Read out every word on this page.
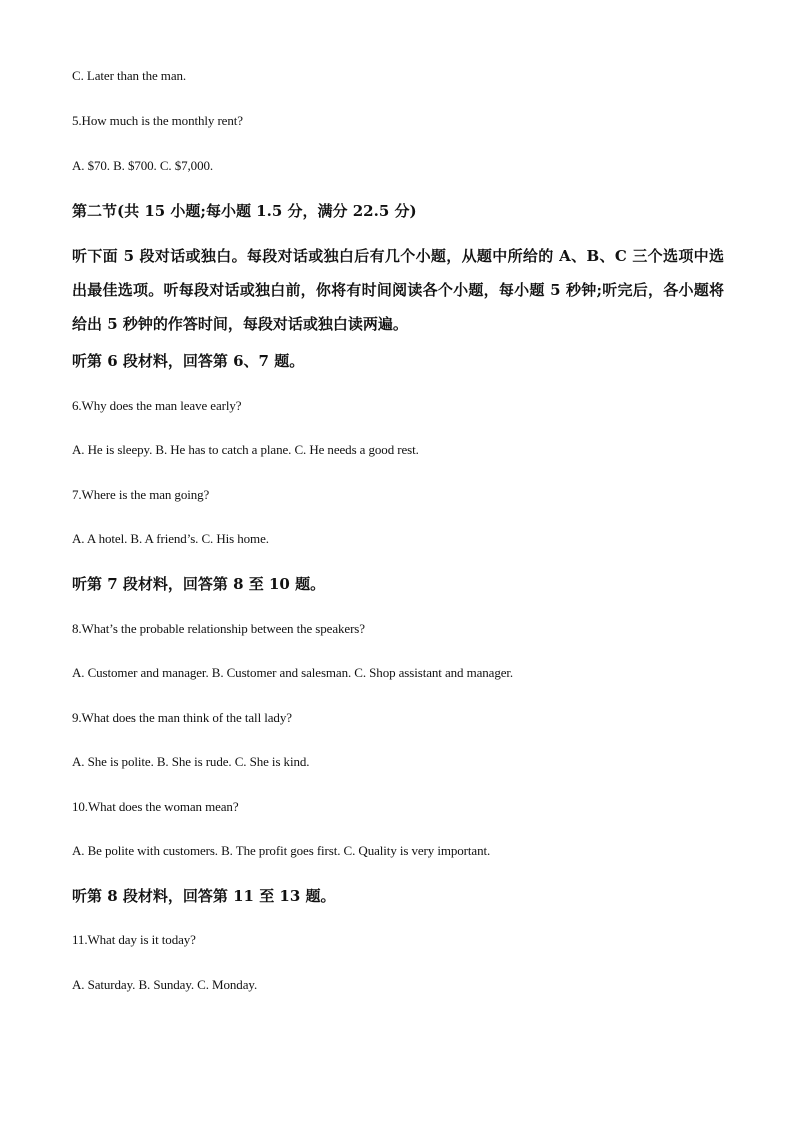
C. Later than the man.
5.How much is the monthly rent?
A. $70. B. $700. C. $7,000.
第二节(共 15 小题;每小题 1.5 分，满分 22.5 分)
听下面 5 段对话或独白。每段对话或独白后有几个小题，从题中所给的 A、B、C 三个选项中选出最佳选项。听每段对话或独白前，你将有时间阅读各个小题，每小题 5 秒钟;听完后，各小题将给出 5 秒钟的作答时间，每段对话或独白读两遍。
听第 6 段材料，回答第 6、7 题。
6.Why does the man leave early?
A. He is sleepy. B. He has to catch a plane. C. He needs a good rest.
7.Where is the man going?
A. A hotel. B. A friend’s. C. His home.
听第 7 段材料，回答第 8 至 10 题。
8.What’s the probable relationship between the speakers?
A. Customer and manager. B. Customer and salesman. C. Shop assistant and manager.
9.What does the man think of the tall lady?
A. She is polite. B. She is rude. C. She is kind.
10.What does the woman mean?
A. Be polite with customers. B. The profit goes first. C. Quality is very important.
听第 8 段材料，回答第 11 至 13 题。
11.What day is it today?
A. Saturday. B. Sunday. C. Monday.
